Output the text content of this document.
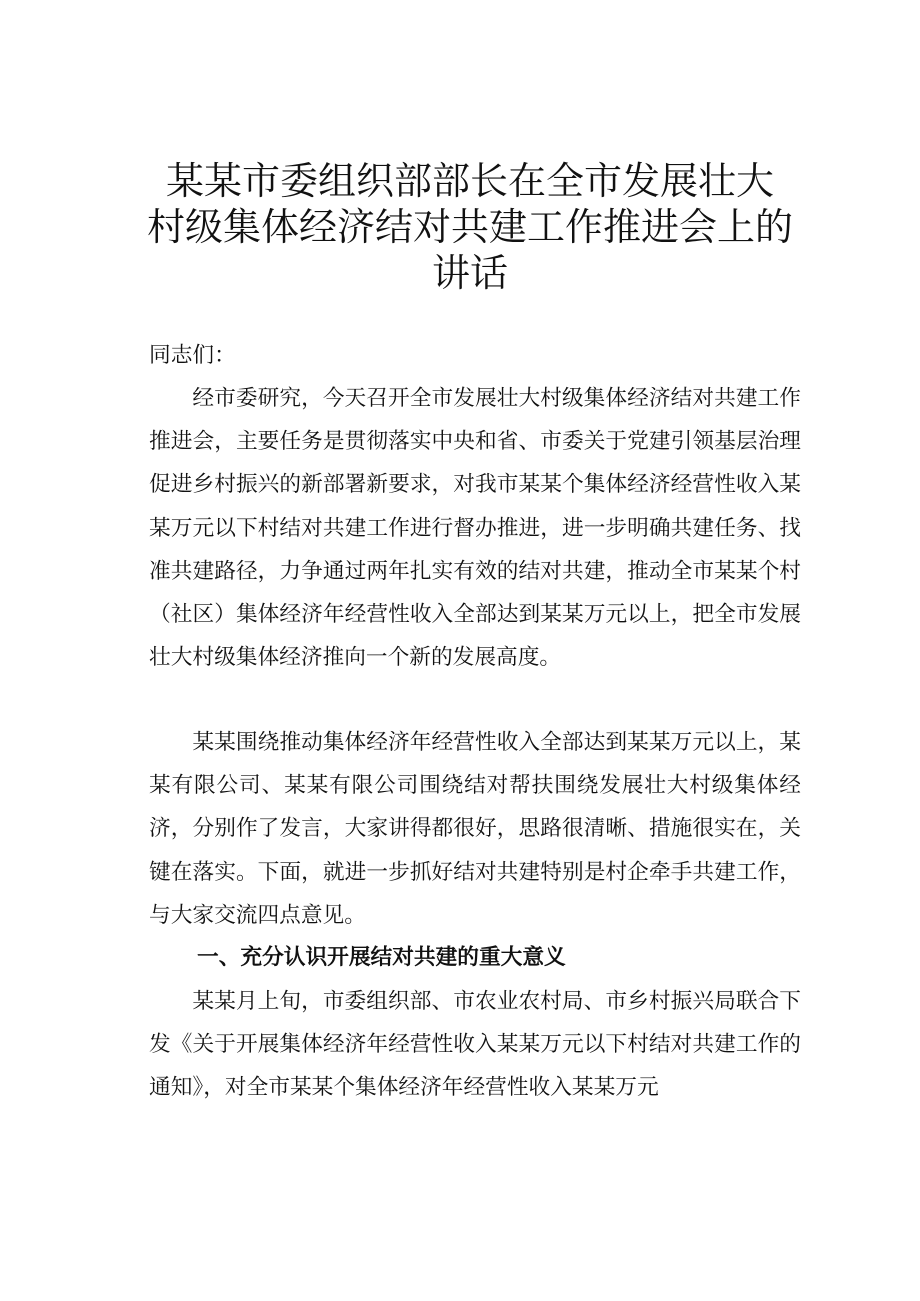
某某市委组织部部长在全市发展壮大
村级集体经济结对共建工作推进会上的
讲话

同志们：

经市委研究，今天召开全市发展壮大村级集体经济结对共建工作推进会，主要任务是贯彻落实中央和省、市委关于党建引领基层治理促进乡村振兴的新部署新要求，对我市某某个集体经济经营性收入某某万元以下村结对共建工作进行督办推进，进一步明确共建任务、找准共建路径，力争通过两年扎实有效的结对共建，推动全市某某个村（社区）集体经济年经营性收入全部达到某某万元以上，把全市发展壮大村级集体经济推向一个新的发展高度。

某某围绕推动集体经济年经营性收入全部达到某某万元以上，某某有限公司、某某有限公司围绕结对帮扶围绕发展壮大村级集体经济，分别作了发言，大家讲得都很好，思路很清晰、措施很实在，关键在落实。下面，就进一步抓好结对共建特别是村企牵手共建工作，与大家交流四点意见。

一、充分认识开展结对共建的重大意义

某某月上旬，市委组织部、市农业农村局、市乡村振兴局联合下发《关于开展集体经济年经营性收入某某万元以下村结对共建工作的通知》，对全市某某个集体经济年经营性收入某某万元
